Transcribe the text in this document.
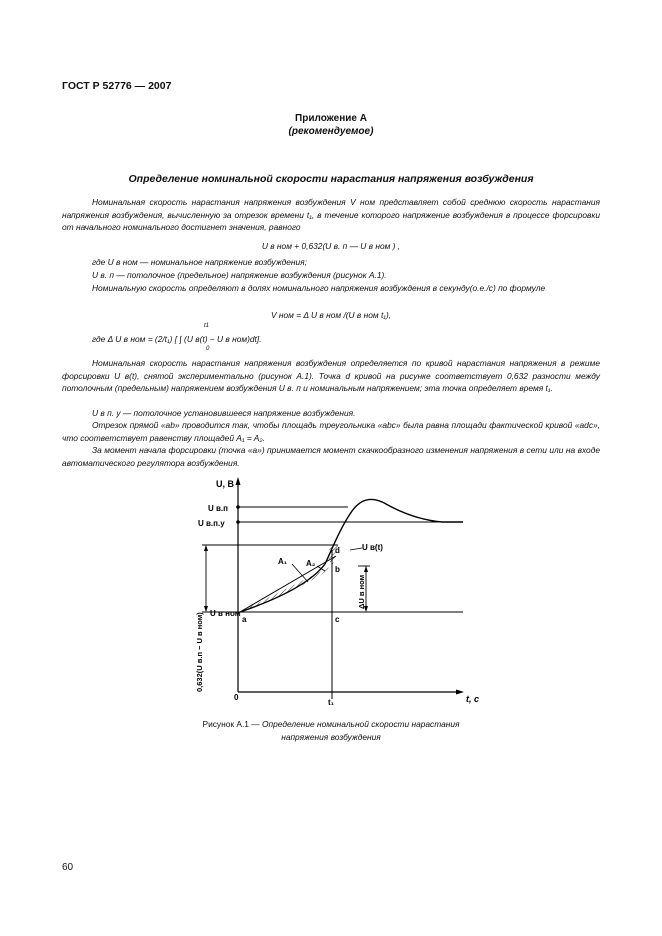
ГОСТ Р 52776 — 2007
Приложение А
(рекомендуемое)
Определение номинальной скорости нарастания напряжения возбуждения
Номинальная скорость нарастания напряжения возбуждения V ном представляет собой среднюю скорость нарастания напряжения возбуждения, вычисленную за отрезок времени t₁, в течение которого напряжение возбуждения в процессе форсировки от начального номинального достигнет значения, равного
U в ном + 0,632(U в. п — U в ном ) ,
где U в ном — номинальное напряжение возбуждения;
U в. п — потолочное (предельное) напряжение возбуждения (рисунок А.1).
Номинальную скорость определяют в долях номинального напряжения возбуждения в секунду(о.е./с) по формуле
V ном = Δ U в ном /(U в ном t₁),
где Δ U в ном = (2/t₁) [ ∫ (U в(t) − U в ном)dt].
t1
0
Номинальная скорость нарастания напряжения возбуждения определяется по кривой нарастания напряжения в режиме форсировки U в(t), снятой экспериментально (рисунок А.1). Точка d кривой на рисунке соответствует 0,632 разности между потолочным (предельным) напряжением возбуждения U в. п и номинальным напряжением; эта точка определяет время t₁.
U в п. у — потолочное установившееся напряжение возбуждения.
Отрезок прямой «ab» проводится так, чтобы площадь треугольника «abc» была равна площади фактической кривой «adc», что соответствует равенству площадей A₁ = A₂.
За момент начала форсировки (точка «а») принимается момент скачкообразного изменения напряжения в сети или на входе автоматического регулятора возбуждения.
U, B
t, c
U в.п
U в.п.у
U в ном
0
t₁
a
b
c
d
A₁ A₂
U в(t)
ΔU в ном
0,632(U в.п − U в ном)
Рисунок А.1 — Определение номинальной скорости нарастания
напряжения возбуждения
60
